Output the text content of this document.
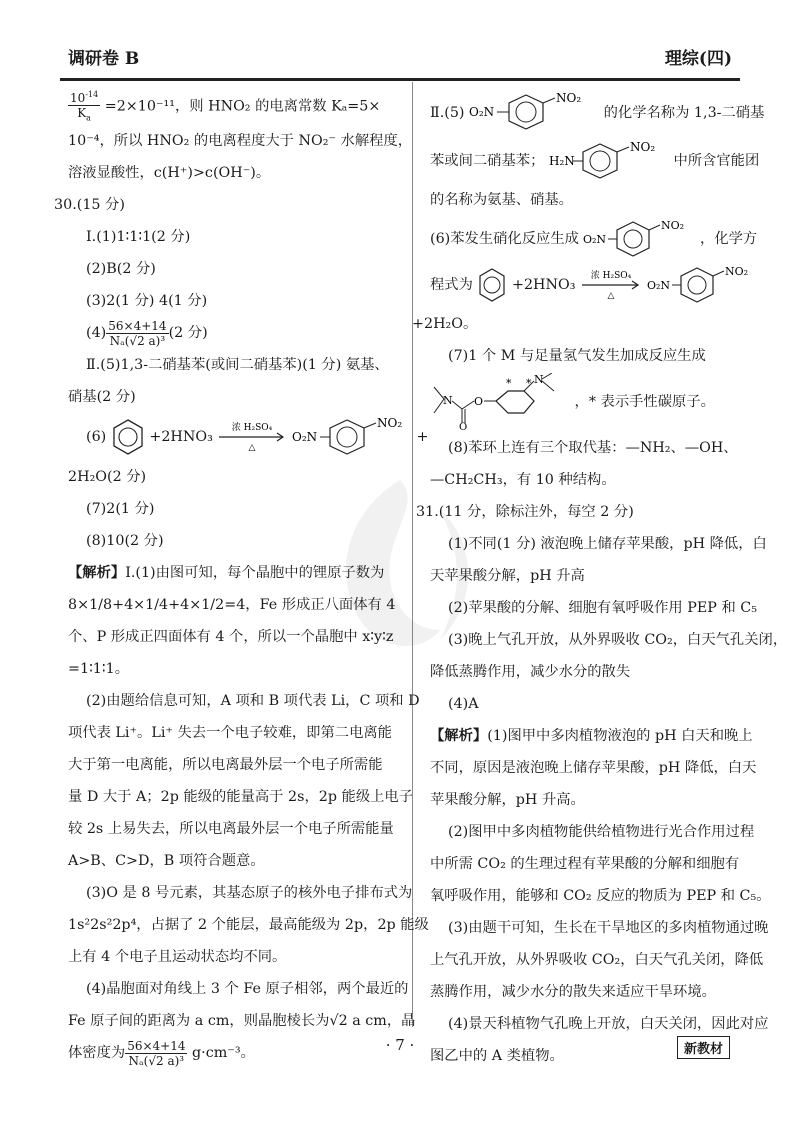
调研卷 B	理综(四)
$\frac{10^{-14}}{K_a} =2\times 10^{-11}$，则 HNO₂ 的电离常数 Kₐ=5×
10⁻⁴，所以 HNO₂ 的电离程度大于 NO₂⁻ 水解程度，
溶液显酸性，c(H⁺)>c(OH⁻)。
30.(15 分)
Ⅰ.(1)1∶1∶1(2 分)
(2)B(2 分)
(3)2(1 分) 4(1 分)
$(4) \frac{56\times 4+14}{\text{Nₐ(√2 a)³}} (2$ 分)
Ⅱ.(5)1,3-二硝基苯(或间二硝基苯)(1 分) 氨基、
硝基(2 分)
(6)	+2HNO₃
浓 H₂SO₄
△

O₂N
NO₂
+
2H₂O(2 分)
(7)2(1 分)
(8)10(2 分)
【解析】Ⅰ.(1)由图可知，每个晶胞中的锂原子数为
8×1/8+4×1/4+4×1/2=4，Fe 形成正八面体有 4
个、P 形成正四面体有 4 个，所以一个晶胞中 x∶y∶z
=1∶1∶1。
(2)由题给信息可知，A 项和 B 项代表 Li，C 项和 D
项代表 Li⁺。Li⁺ 失去一个电子较难，即第二电离能
大于第一电离能，所以电离最外层一个电子所需能
量 D 大于 A；2p 能级的能量高于 2s，2p 能级上电子
较 2s 上易失去，所以电离最外层一个电子所需能量
A>B、C>D，B 项符合题意。
(3)O 是 8 号元素，其基态原子的核外电子排布式为
1s²2s²2p⁴，占据了 2 个能层，最高能级为 2p，2p 能级
上有 4 个电子且运动状态均不同。
(4)晶胞面对角线上 3 个 Fe 原子相邻，两个最近的
Fe 原子间的距离为 a cm，则晶胞棱长为√2 a cm，晶
体密度为 $\frac{56\times 4+14}{\text{Nₐ(√2 a)³}} g\cdot cm^{-3}$。
Ⅱ.(5) O₂N
NO₂
的化学名称为 1,3-二硝基
苯或间二硝基苯； H₂N
NO₂
中所含官能团
的名称为氨基、硝基。
(6)苯发生硝化反应生成 O₂N
NO₂
，化学方
程式为	+2HNO₃
浓 H₂SO₄
△

O₂N
NO₂
+2H₂O。
(7)1 个 M 与足量氢气发生加成反应生成
N
O
O
* * N
，* 表示手性碳原子。
(8)苯环上连有三个取代基：—NH₂、—OH、
—CH₂CH₃，有 10 种结构。
31.(11 分，除标注外，每空 2 分)
(1)不同(1 分) 液泡晚上储存苹果酸，pH 降低，白
天苹果酸分解，pH 升高
(2)苹果酸的分解、细胞有氧呼吸作用 PEP 和 C₅
(3)晚上气孔开放，从外界吸收 CO₂，白天气孔关闭，
降低蒸腾作用，减少水分的散失
(4)A
【解析】(1)图甲中多肉植物液泡的 pH 白天和晚上
不同，原因是液泡晚上储存苹果酸，pH 降低，白天
苹果酸分解，pH 升高。
(2)图甲中多肉植物能供给植物进行光合作用过程
中所需 CO₂ 的生理过程有苹果酸的分解和细胞有
氧呼吸作用，能够和 CO₂ 反应的物质为 PEP 和 C₅。
(3)由题干可知，生长在干旱地区的多肉植物通过晚
上气孔开放，从外界吸收 CO₂，白天气孔关闭，降低
蒸腾作用，减少水分的散失来适应干旱环境。
(4)景天科植物气孔晚上开放，白天关闭，因此对应
图乙中的 A 类植物。
· 7 ·	新教材
